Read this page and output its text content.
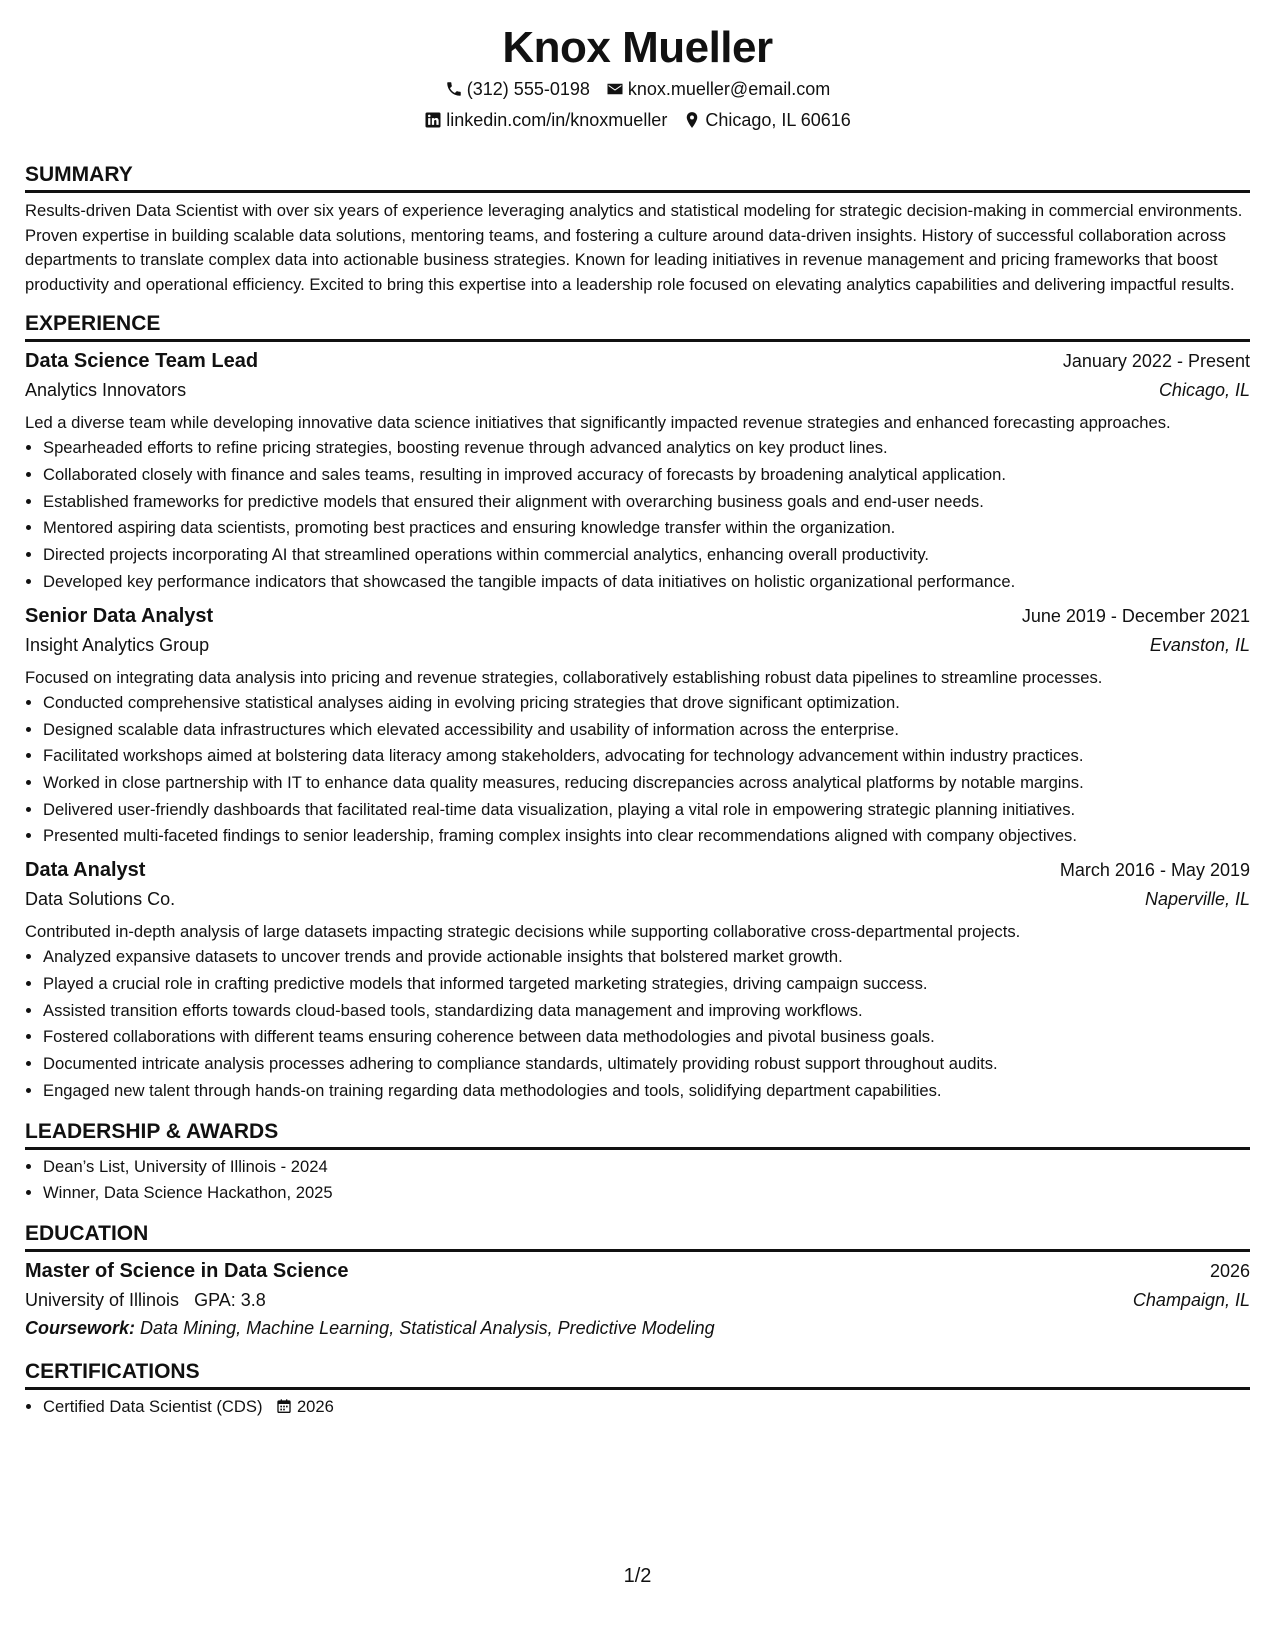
Knox Mueller
(312) 555-0198 knox.mueller@email.com
linkedin.com/in/knoxmueller Chicago, IL 60616
SUMMARY

Results-driven Data Scientist with over six years of experience leveraging analytics and statistical modeling for strategic decision-making in commercial environments. Proven expertise in building scalable data solutions, mentoring teams, and fostering a culture around data-driven insights. History of successful collaboration across departments to translate complex data into actionable business strategies. Known for leading initiatives in revenue management and pricing frameworks that boost productivity and operational efficiency. Excited to bring this expertise into a leadership role focused on elevating analytics capabilities and delivering impactful results.

EXPERIENCE
Data Science Team Lead	January 2022 - Present
Analytics Innovators	Chicago, IL

Led a diverse team while developing innovative data science initiatives that significantly impacted revenue strategies and enhanced forecasting approaches.

• Spearheaded efforts to refine pricing strategies, boosting revenue through advanced analytics on key product lines.
• Collaborated closely with finance and sales teams, resulting in improved accuracy of forecasts by broadening analytical application.
• Established frameworks for predictive models that ensured their alignment with overarching business goals and end-user needs.
• Mentored aspiring data scientists, promoting best practices and ensuring knowledge transfer within the organization.
• Directed projects incorporating AI that streamlined operations within commercial analytics, enhancing overall productivity.
• Developed key performance indicators that showcased the tangible impacts of data initiatives on holistic organizational performance.
Senior Data Analyst	June 2019 - December 2021
Insight Analytics Group	Evanston, IL

Focused on integrating data analysis into pricing and revenue strategies, collaboratively establishing robust data pipelines to streamline processes.

• Conducted comprehensive statistical analyses aiding in evolving pricing strategies that drove significant optimization.
• Designed scalable data infrastructures which elevated accessibility and usability of information across the enterprise.
• Facilitated workshops aimed at bolstering data literacy among stakeholders, advocating for technology advancement within industry practices.
• Worked in close partnership with IT to enhance data quality measures, reducing discrepancies across analytical platforms by notable margins.
• Delivered user-friendly dashboards that facilitated real-time data visualization, playing a vital role in empowering strategic planning initiatives.
• Presented multi-faceted findings to senior leadership, framing complex insights into clear recommendations aligned with company objectives.
Data Analyst	March 2016 - May 2019
Data Solutions Co.	Naperville, IL

Contributed in-depth analysis of large datasets impacting strategic decisions while supporting collaborative cross-departmental projects.

• Analyzed expansive datasets to uncover trends and provide actionable insights that bolstered market growth.
• Played a crucial role in crafting predictive models that informed targeted marketing strategies, driving campaign success.
• Assisted transition efforts towards cloud-based tools, standardizing data management and improving workflows.
• Fostered collaborations with different teams ensuring coherence between data methodologies and pivotal business goals.
• Documented intricate analysis processes adhering to compliance standards, ultimately providing robust support throughout audits.
• Engaged new talent through hands-on training regarding data methodologies and tools, solidifying department capabilities.
LEADERSHIP & AWARDS
• Dean’s List, University of Illinois - 2024
• Winner, Data Science Hackathon, 2025
EDUCATION
Master of Science in Data Science	2026
University of Illinois GPA: 3.8	Champaign, IL
Coursework: Data Mining, Machine Learning, Statistical Analysis, Predictive Modeling
CERTIFICATIONS
• Certified Data Scientist (CDS) 2026
1/2
